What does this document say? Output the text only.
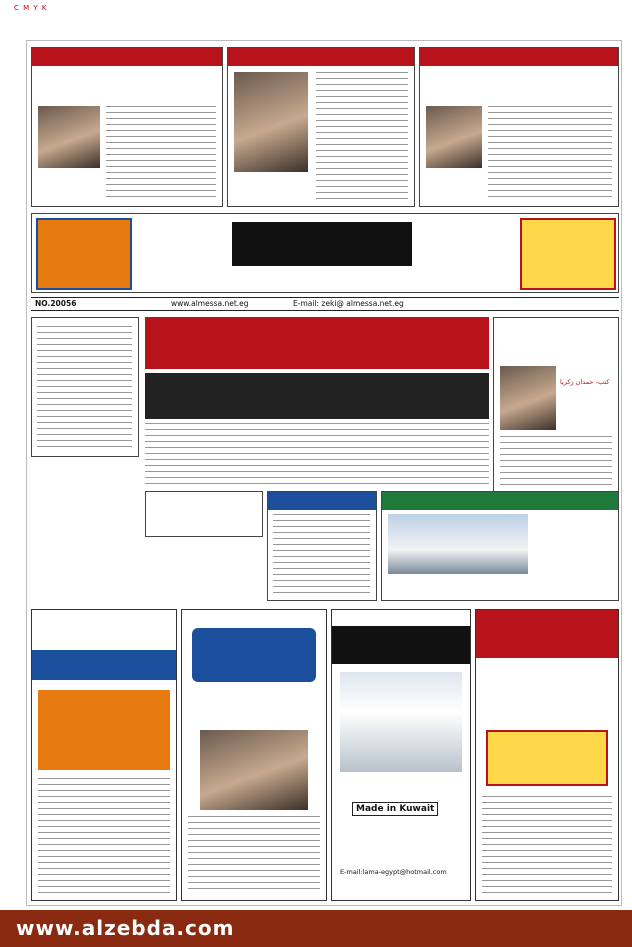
C M Y K
NO.20056	www.almessa.net.eg	E-mail: zeki@ almessa.net.eg
كتب- حمدان زكريا
Made in Kuwait
E-mail:lama-egypt@hotmail.com
www.alzebda.com
